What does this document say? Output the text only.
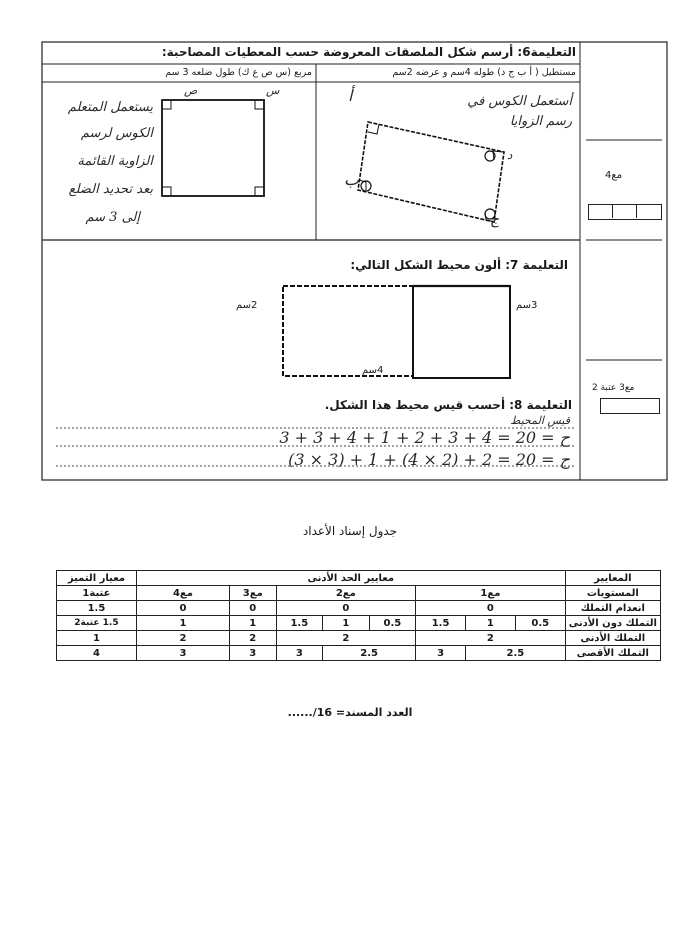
التعليمة6: أرسم شكل الملصقات المعروضة حسب المعطيات المصاحبة:
مستطيل ( أ ب ج د) طوله 4سم و عرضه 2سم
مربع (س ص ع ك) طول ضلعه 3 سم
س
ص
يستعمل المتعلم
الكوس لرسم
الزاوية القائمة
بعد تحديد الضلع
إلى 3 سم
أستعمل الكوس في رسم الزوايا
أ
ب
ج
د
مع4
مع3 عتبة 2
التعليمة 7: ألون محيط الشكل التالي:
2سم	3سم
4سم
التعليمة 8: أحسب قيس محيط هذا الشكل.
قيس المحيط
ح = 20 = 4 + 3 + 2 + 1 + 4 + 3 + 3
ح = 20 = 2 + (2 × 4) + 1 + (3 × 3)
جدول إسناد الأعداد
المعايير	معايير الحد الأدنى								معيار التميز
المستويات	مع1			مع2			مع3	مع4	عتبة1
انعدام التملك	0			0			0	0	1.5
التملك دون الأدنى	0.5	1	1.5	0.5	1	1.5	1	1	1.5 عتبة2
التملك الأدنى	2			2			2	2	1
التملك الأقصى	2.5		3	2.5		3	3	3	4
العدد المسند= 16/......
